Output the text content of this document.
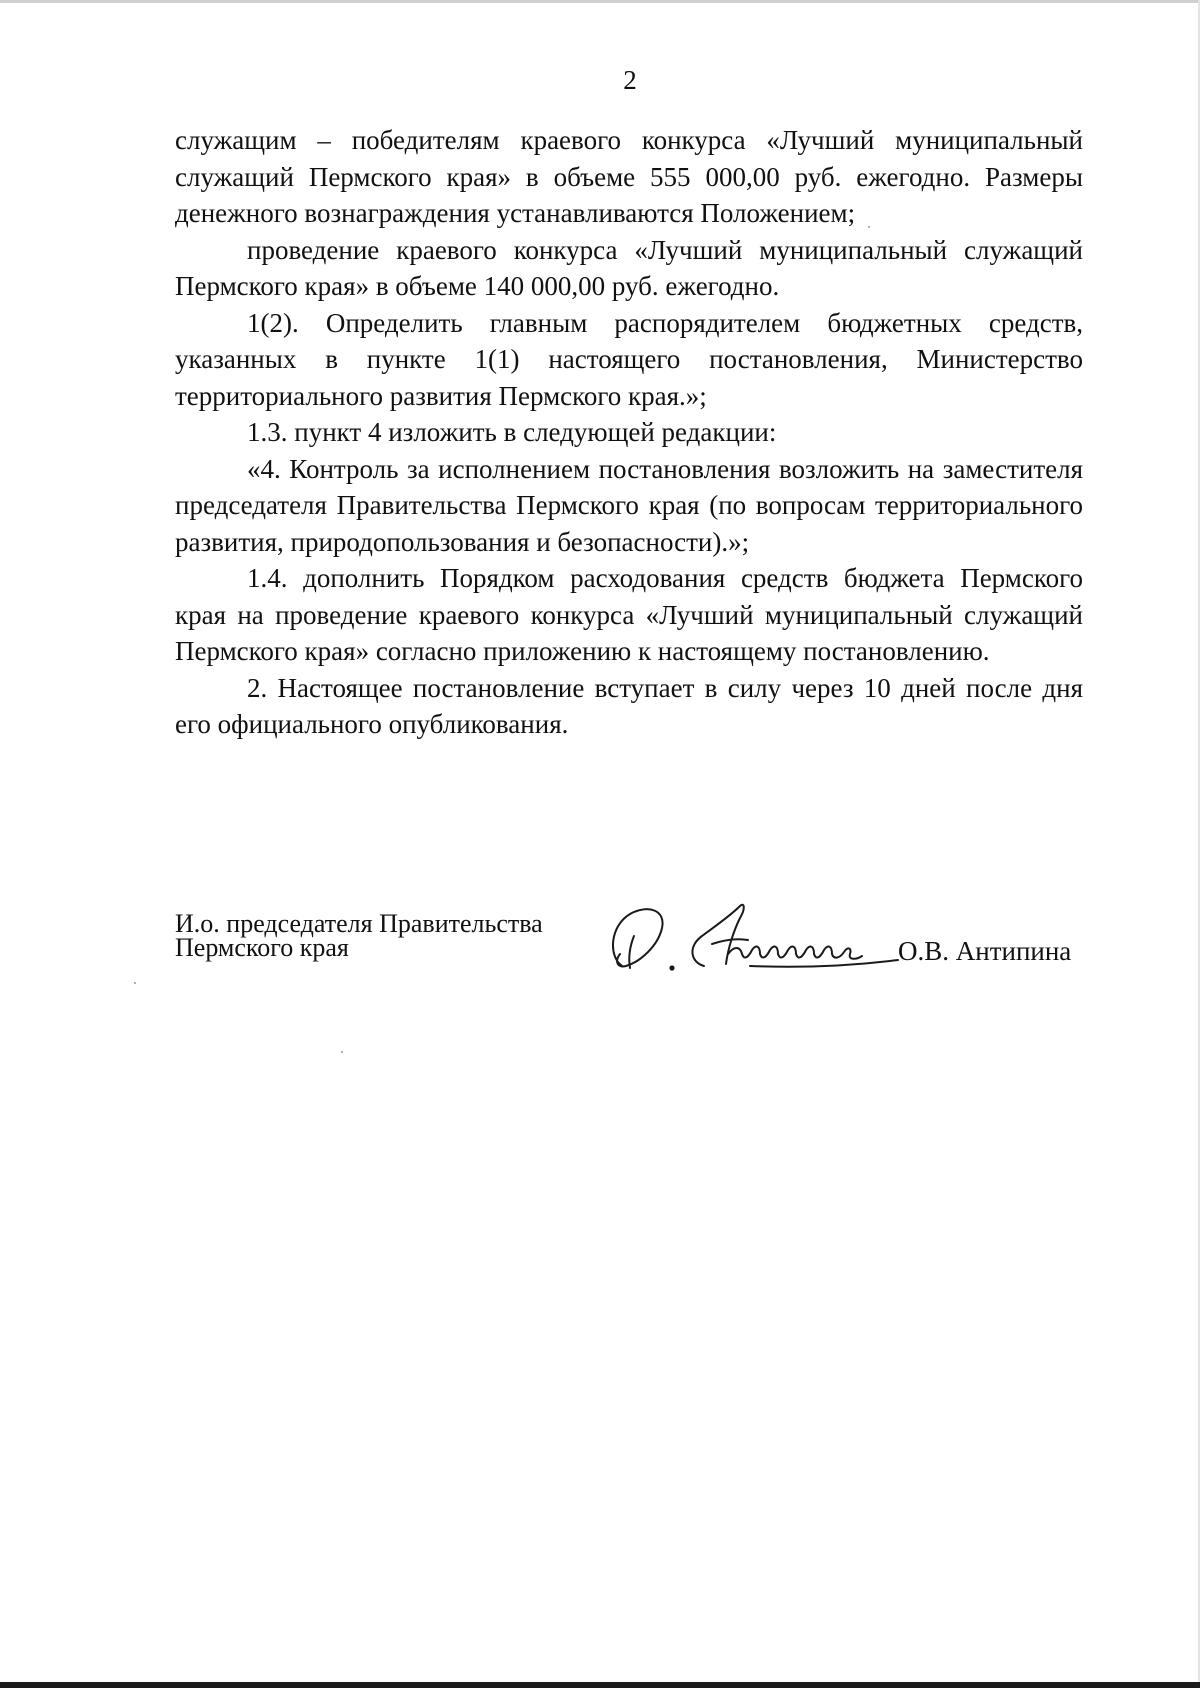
2

служащим – победителям краевого конкурса «Лучший муниципальный служащий Пермского края» в объеме 555 000,00 руб. ежегодно. Размеры денежного вознаграждения устанавливаются Положением;

проведение краевого конкурса «Лучший муниципальный служащий Пермского края» в объеме 140 000,00 руб. ежегодно.

1(2). Определить главным распорядителем бюджетных средств, указанных в пункте 1(1) настоящего постановления, Министерство территориального развития Пермского края.»;

1.3. пункт 4 изложить в следующей редакции:

«4. Контроль за исполнением постановления возложить на заместителя председателя Правительства Пермского края (по вопросам территориального развития, природопользования и безопасности).»;

1.4. дополнить Порядком расходования средств бюджета Пермского края на проведение краевого конкурса «Лучший муниципальный служащий Пермского края» согласно приложению к настоящему постановлению.

2. Настоящее постановление вступает в силу через 10 дней после дня его официального опубликования.

И.о. председателя Правительства
Пермского края	О.В. Антипина
